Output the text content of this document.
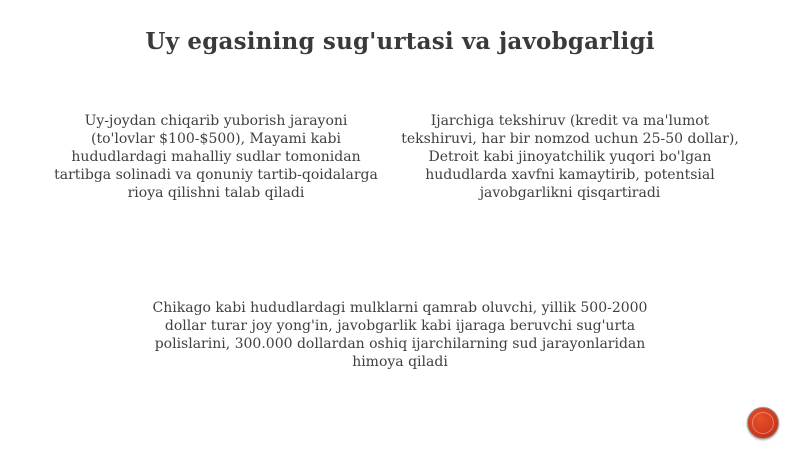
Uy egasining sug'urtasi va javobgarligi
Uy-joydan chiqarib yuborish jarayoni (to'lovlar $100-$500), Mayami kabi hududlardagi mahalliy sudlar tomonidan tartibga solinadi va qonuniy tartib-qoidalarga rioya qilishni talab qiladi
Ijarchiga tekshiruv (kredit va ma'lumot tekshiruvi, har bir nomzod uchun 25-50 dollar), Detroit kabi jinoyatchilik yuqori bo'lgan hududlarda xavfni kamaytirib, potentsial javobgarlikni qisqartiradi
Chikago kabi hududlardagi mulklarni qamrab oluvchi, yillik 500-2000 dollar turar joy yong'in, javobgarlik kabi ijaraga beruvchi sug'urta polislarini, 300.000 dollardan oshiq ijarchilarning sud jarayonlaridan himoya qiladi
